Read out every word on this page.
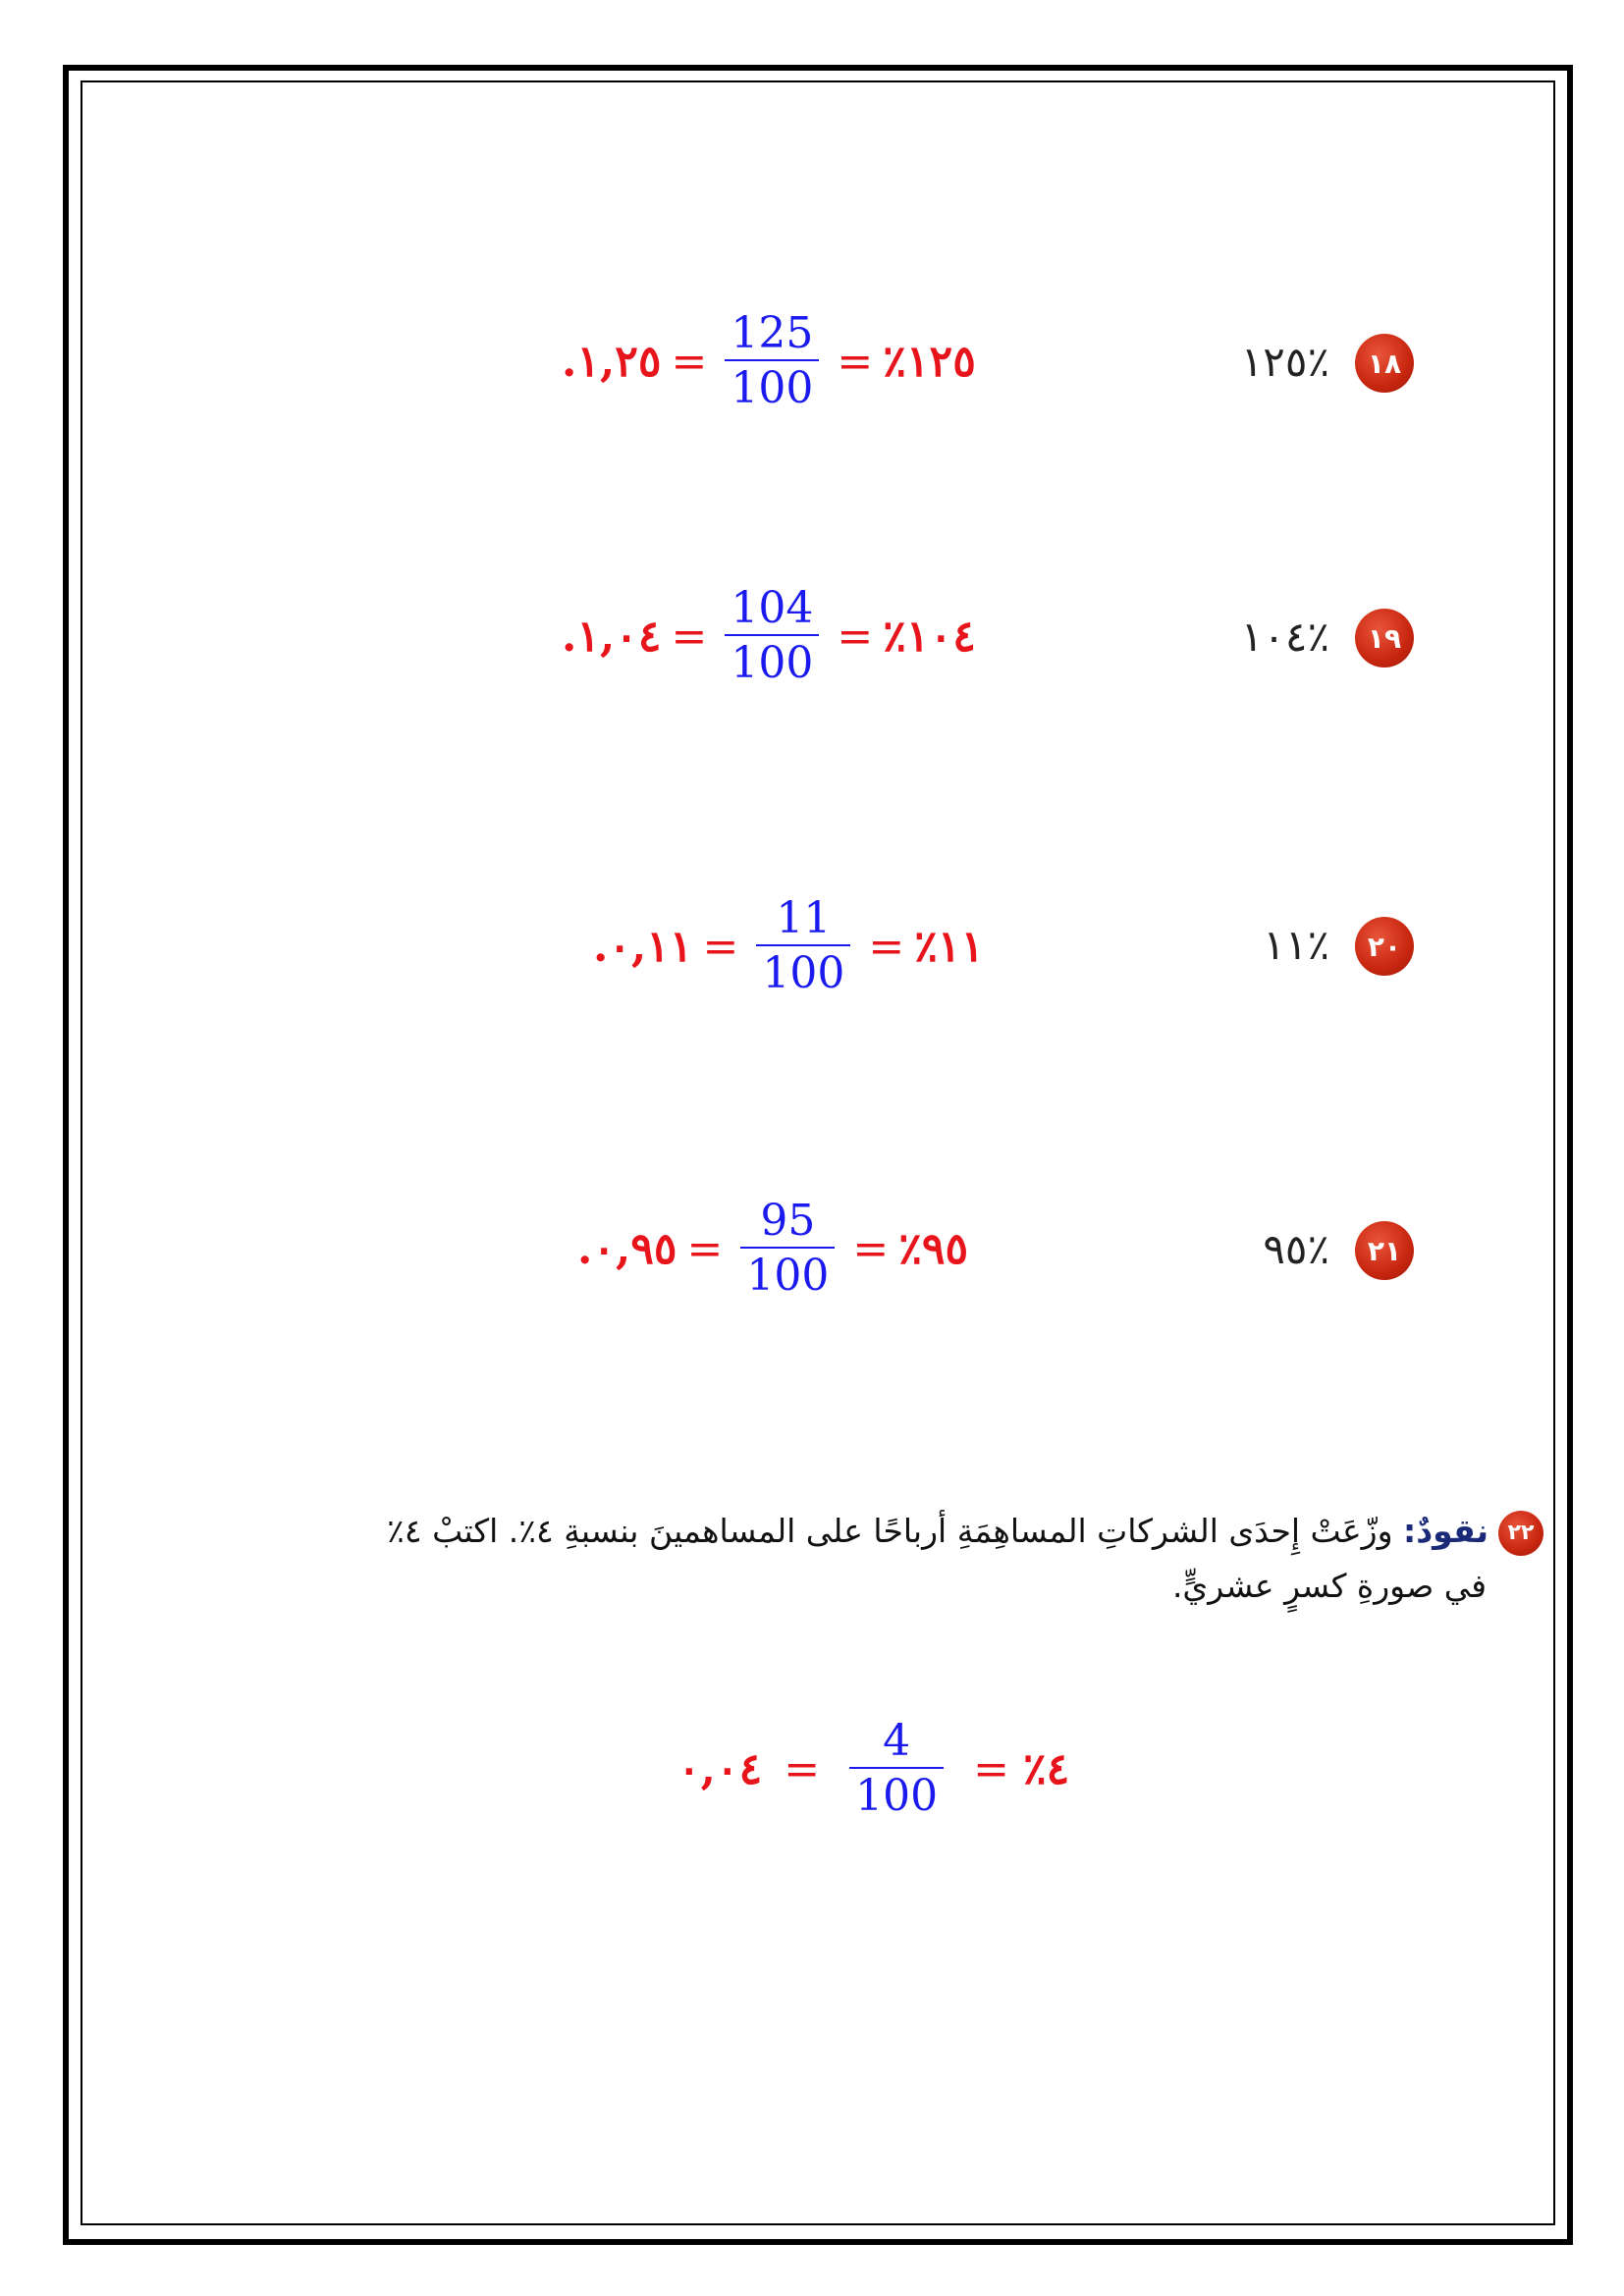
١٨
٪١٢٥
.١,٢٥ = $\frac{125}{100}$ = ٪١٢٥
١٩
٪١٠٤
.١,٠٤ = $\frac{104}{100}$ = ٪١٠٤
٢٠
٪١١
.٠,١١ = $\frac{11}{100}$ = ٪١١
٢١
٪٩٥
.٠,٩٥ = $\frac{95}{100}$ = ٪٩٥
٢٢نقودٌ: وزّعَتْ إِحدَى الشركاتِ المساهِمَةِ أرباحًا على المساهمينَ بنسبةِ ٤٪. اكتبْ ٤٪
في صورةِ كسرٍ عشريٍّ.
٠,٠٤ = $\frac{4}{100}$ = ٪٤
